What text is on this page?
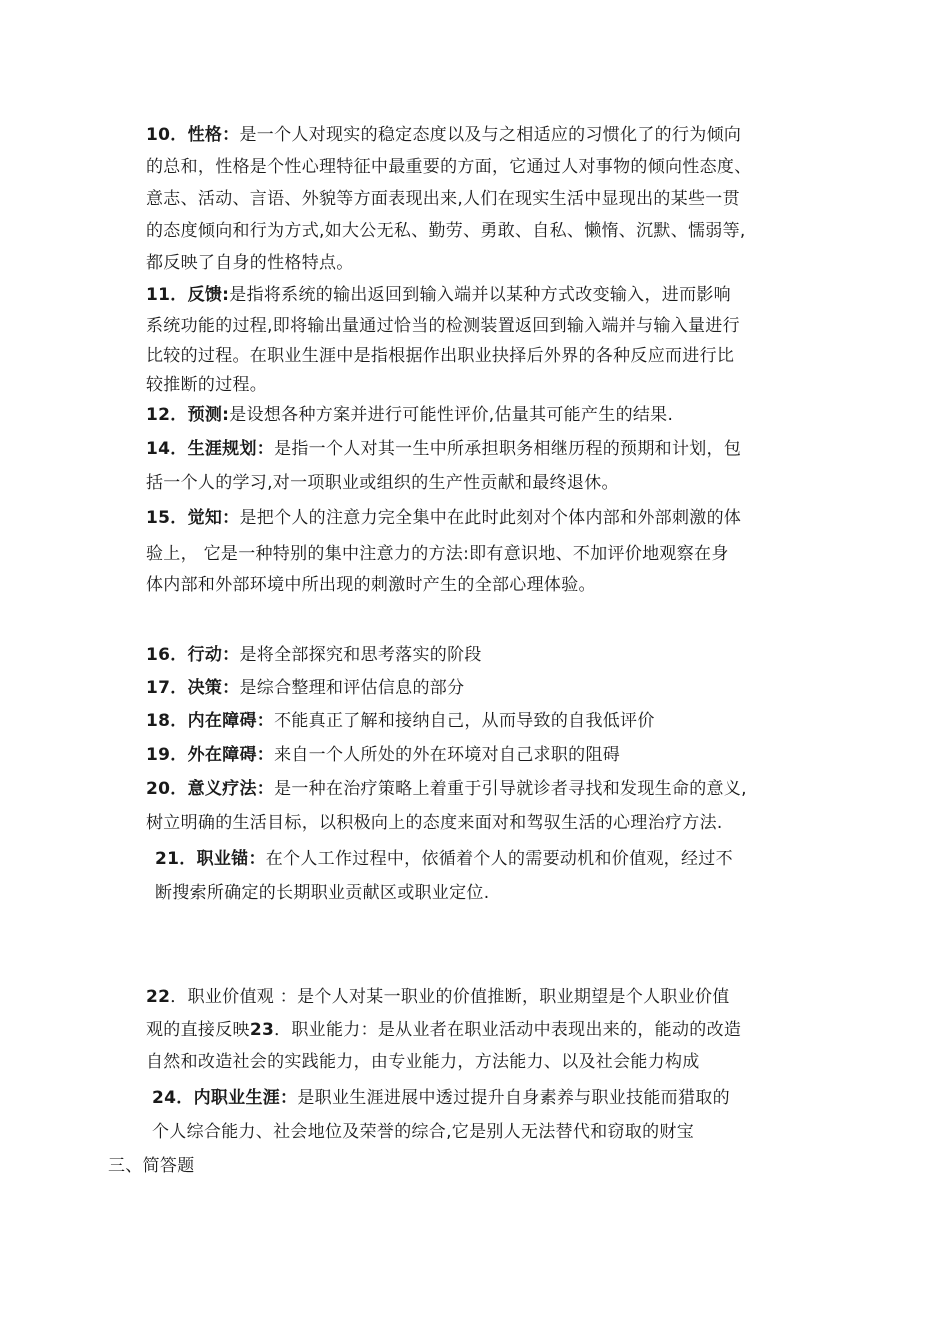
10．性格：是一个人对现实的稳定态度以及与之相适应的习惯化了的行为倾向
的总和，性格是个性心理特征中最重要的方面，它通过人对事物的倾向性态度、
意志、活动、言语、外貌等方面表现出来,人们在现实生活中显现出的某些一贯
的态度倾向和行为方式,如大公无私、勤劳、勇敢、自私、懒惰、沉默、懦弱等,
都反映了自身的性格特点。
11．反馈:是指将系统的输出返回到输入端并以某种方式改变输入，进而影响
系统功能的过程,即将输出量通过恰当的检测装置返回到输入端并与输入量进行
比较的过程。在职业生涯中是指根据作出职业抉择后外界的各种反应而进行比
较推断的过程。
12．预测:是设想各种方案并进行可能性评价,估量其可能产生的结果.
14．生涯规划：是指一个人对其一生中所承担职务相继历程的预期和计划，包
括一个人的学习,对一项职业或组织的生产性贡献和最终退休。
15．觉知：是把个人的注意力完全集中在此时此刻对个体内部和外部刺激的体
验上， 它是一种特别的集中注意力的方法:即有意识地、不加评价地观察在身
体内部和外部环境中所出现的刺激时产生的全部心理体验。
16．行动：是将全部探究和思考落实的阶段
17．决策：是综合整理和评估信息的部分
18．内在障碍：不能真正了解和接纳自己，从而导致的自我低评价
19．外在障碍：来自一个人所处的外在环境对自己求职的阻碍
20．意义疗法：是一种在治疗策略上着重于引导就诊者寻找和发现生命的意义,
树立明确的生活目标，以积极向上的态度来面对和驾驭生活的心理治疗方法.
21．职业锚：在个人工作过程中，依循着个人的需要动机和价值观，经过不
断搜索所确定的长期职业贡献区或职业定位.
22．职业价值观 ：是个人对某一职业的价值推断，职业期望是个人职业价值
观的直接反映23．职业能力：是从业者在职业活动中表现出来的，能动的改造
自然和改造社会的实践能力，由专业能力，方法能力、以及社会能力构成
24．内职业生涯：是职业生涯进展中透过提升自身素养与职业技能而猎取的
个人综合能力、社会地位及荣誉的综合,它是别人无法替代和窃取的财宝
三、简答题
